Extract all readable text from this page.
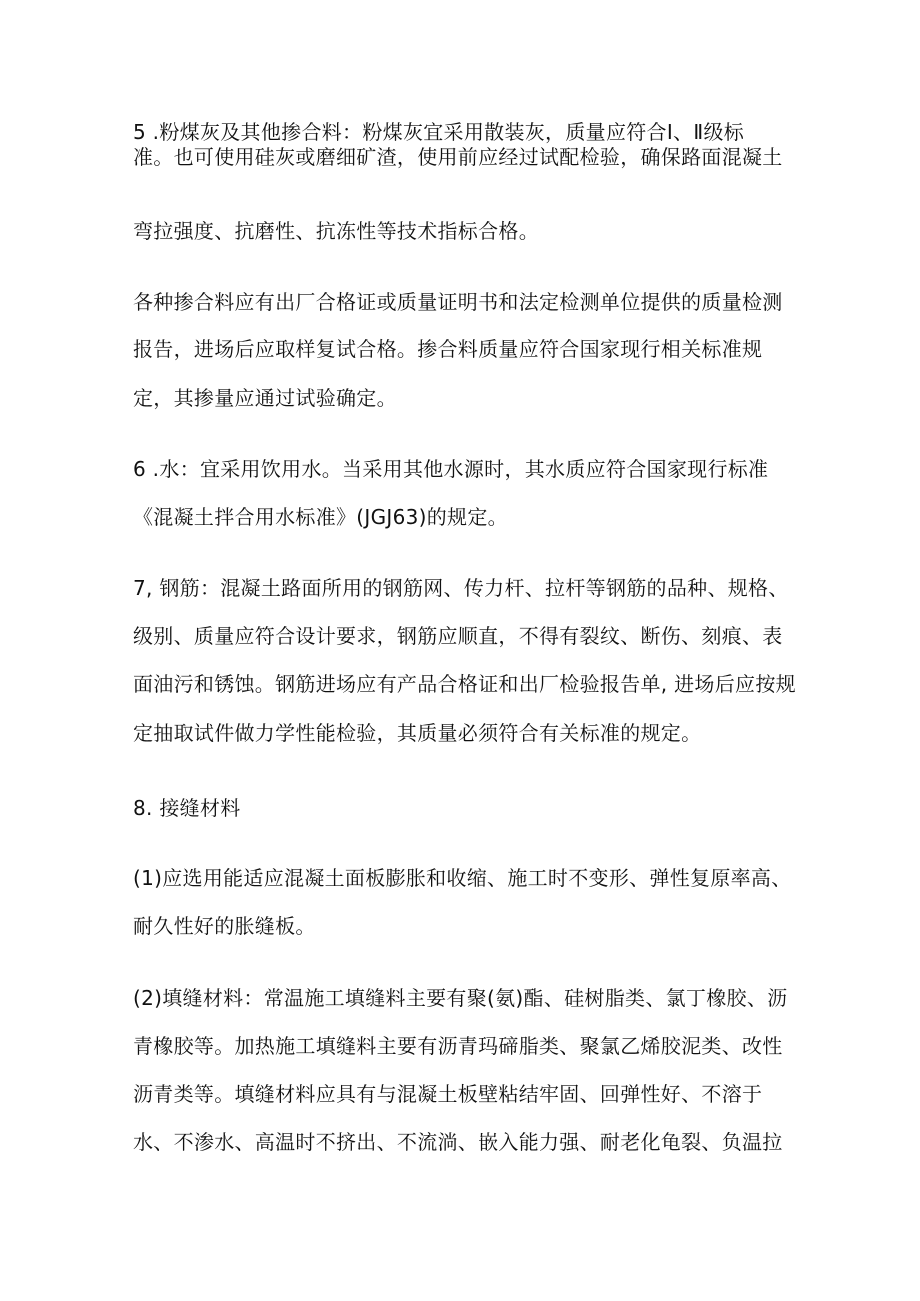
5 .粉煤灰及其他掺合料：粉煤灰宜采用散装灰，质量应符合Ⅰ、Ⅱ级标
准。也可使用硅灰或磨细矿渣，使用前应经过试配检验，确保路面混凝土
弯拉强度、抗磨性、抗冻性等技术指标合格。
各种掺合料应有出厂合格证或质量证明书和法定检测单位提供的质量检测
报告，进场后应取样复试合格。掺合料质量应符合国家现行相关标准规
定，其掺量应通过试验确定。
6 .水：宜采用饮用水。当采用其他水源时，其水质应符合国家现行标准
《混凝土拌合用水标准》(JGJ63)的规定。
7, 钢筋：混凝土路面所用的钢筋网、传力杆、拉杆等钢筋的品种、规格、
级别、质量应符合设计要求，钢筋应顺直，不得有裂纹、断伤、刻痕、表
面油污和锈蚀。钢筋进场应有产品合格证和出厂检验报告单, 进场后应按规
定抽取试件做力学性能检验，其质量必须符合有关标准的规定。
8. 接缝材料
(1)应选用能适应混凝土面板膨胀和收缩、施工时不变形、弹性复原率高、
耐久性好的胀缝板。
(2)填缝材料：常温施工填缝料主要有聚(氨)酯、硅树脂类、氯丁橡胶、沥
青橡胶等。加热施工填缝料主要有沥青玛碲脂类、聚氯乙烯胶泥类、改性
沥青类等。填缝材料应具有与混凝土板壁粘结牢固、回弹性好、不溶于
水、不渗水、高温时不挤出、不流淌、嵌入能力强、耐老化龟裂、负温拉
